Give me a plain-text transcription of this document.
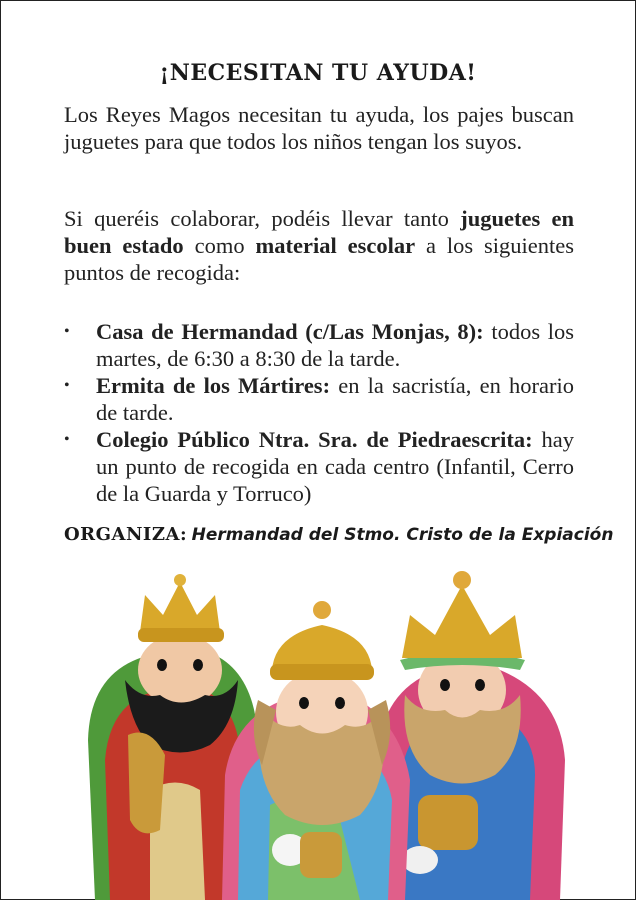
¡NECESITAN TU AYUDA!
Los Reyes Magos necesitan tu ayuda, los pajes buscan juguetes para que todos los niños tengan los suyos.
Si queréis colaborar, podéis llevar tanto juguetes en buen estado como material escolar a los siguientes puntos de recogida:
• Casa de Hermandad (c/Las Monjas, 8): todos los martes, de 6:30 a 8:30 de la tarde.
• Ermita de los Mártires: en la sacristía, en horario de tarde.
• Colegio Público Ntra. Sra. de Piedraescrita: hay un punto de recogida en cada centro (Infantil, Cerro de la Guarda y Torruco)
ORGANIZA: Hermandad del Stmo. Cristo de la Expiación
